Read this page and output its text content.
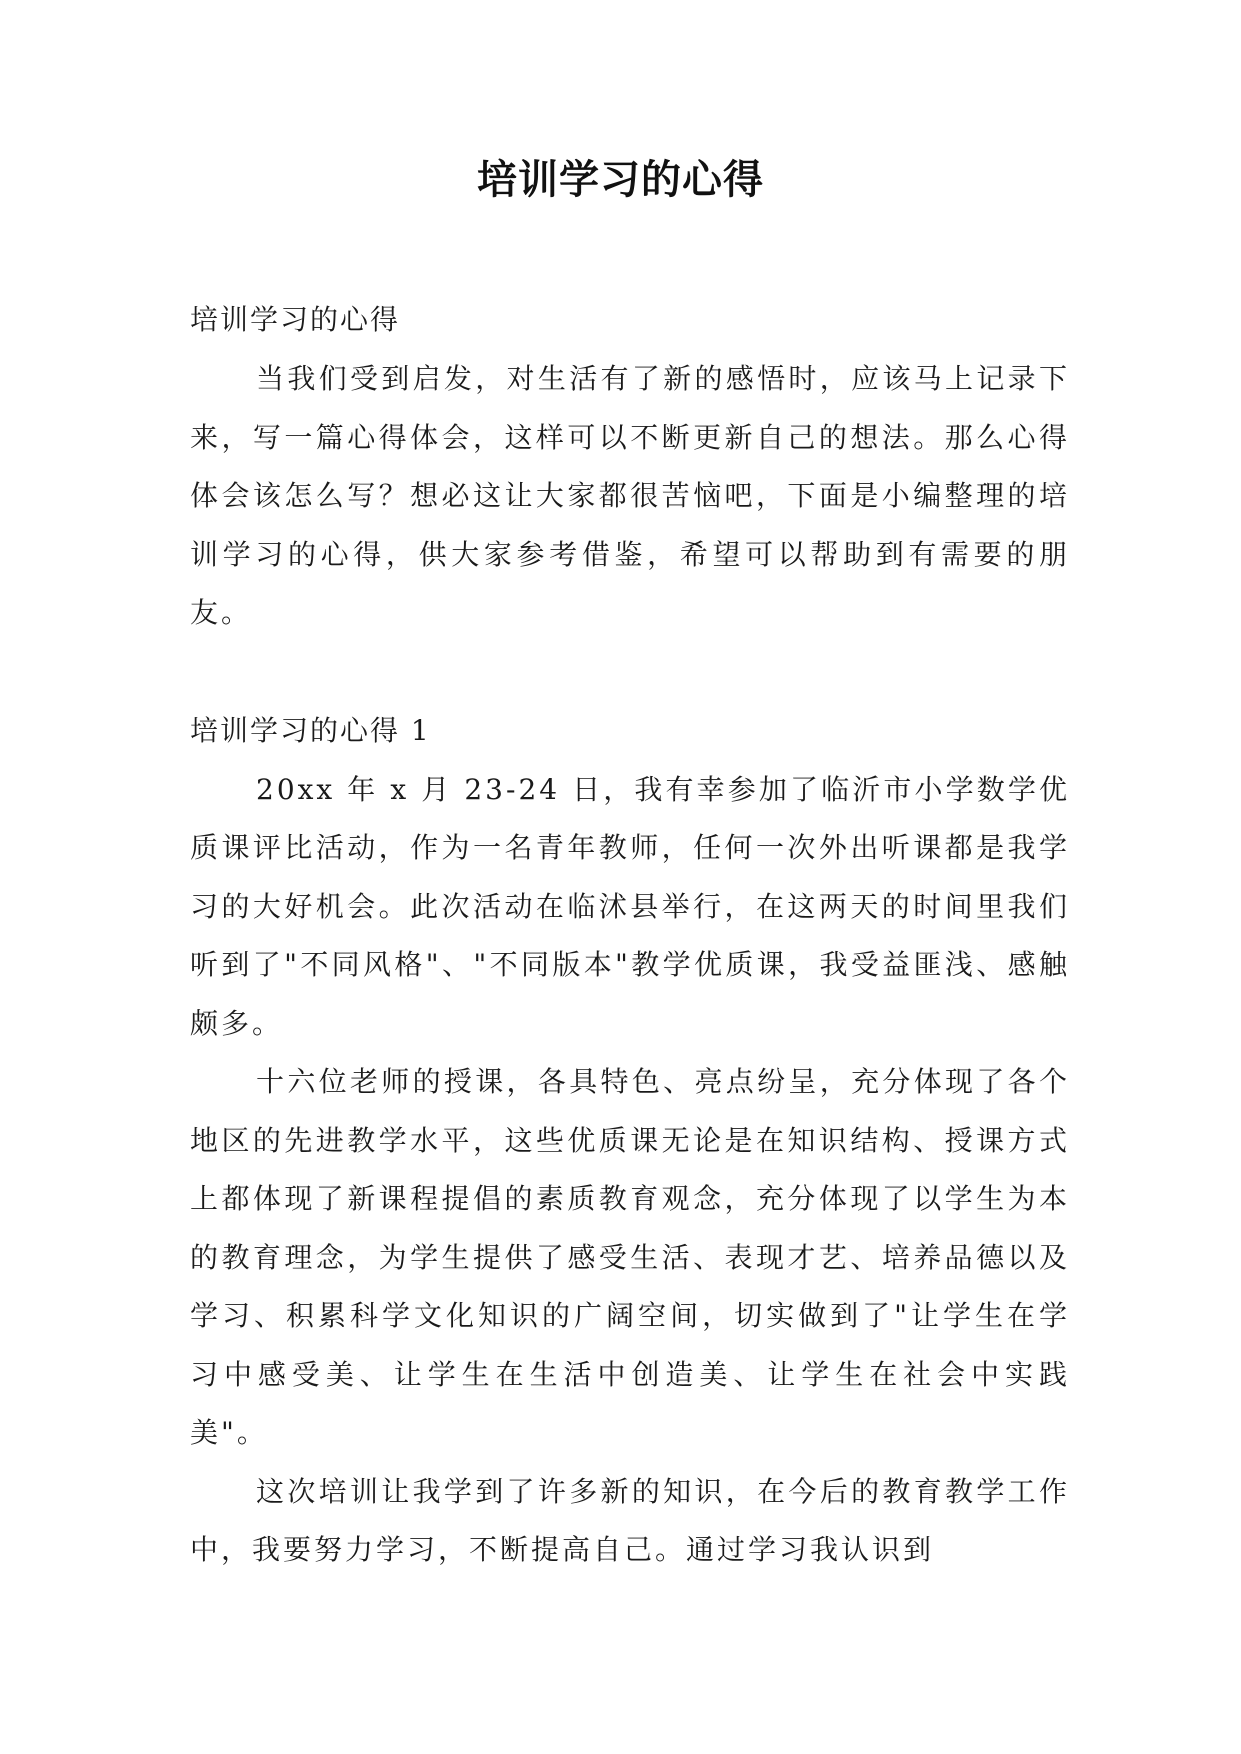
培训学习的心得

培训学习的心得

当我们受到启发，对生活有了新的感悟时，应该马上记录下来，写一篇心得体会，这样可以不断更新自己的想法。那么心得体会该怎么写？想必这让大家都很苦恼吧，下面是小编整理的培训学习的心得，供大家参考借鉴，希望可以帮助到有需要的朋友。

培训学习的心得 1

20xx 年 x 月 23-24 日，我有幸参加了临沂市小学数学优质课评比活动，作为一名青年教师，任何一次外出听课都是我学习的大好机会。此次活动在临沭县举行，在这两天的时间里我们听到了"不同风格"、"不同版本"教学优质课，我受益匪浅、感触颇多。

十六位老师的授课，各具特色、亮点纷呈，充分体现了各个地区的先进教学水平，这些优质课无论是在知识结构、授课方式上都体现了新课程提倡的素质教育观念，充分体现了以学生为本的教育理念，为学生提供了感受生活、表现才艺、培养品德以及学习、积累科学文化知识的广阔空间，切实做到了"让学生在学习中感受美、让学生在生活中创造美、让学生在社会中实践美"。

这次培训让我学到了许多新的知识，在今后的教育教学工作中，我要努力学习，不断提高自己。通过学习我认识到
